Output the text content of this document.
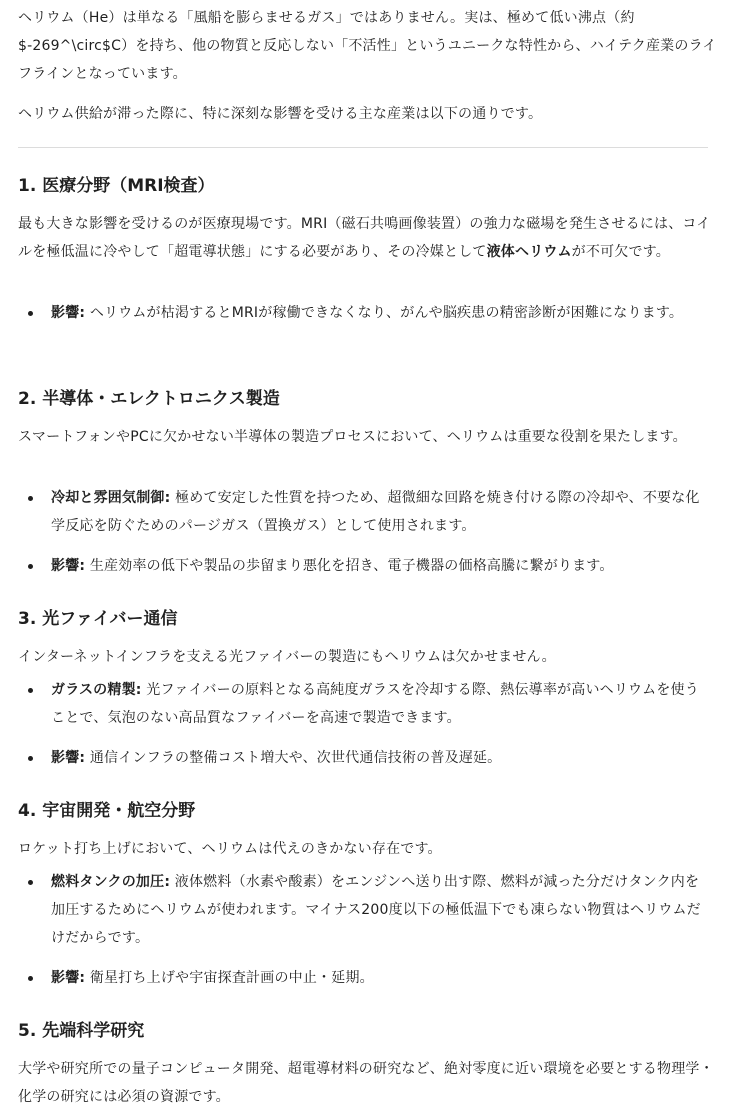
ヘリウム（He）は単なる「風船を膨らませるガス」ではありません。実は、極めて低い沸点（約 $-269^\circ$C）を持ち、他の物質と反応しない「不活性」というユニークな特性から、ハイテク産業のライフラインとなっています。

ヘリウム供給が滞った際に、特に深刻な影響を受ける主な産業は以下の通りです。

1. 医療分野（MRI検査）

最も大きな影響を受けるのが医療現場です。MRI（磁石共鳴画像装置）の強力な磁場を発生させるには、コイルを極低温に冷やして「超電導状態」にする必要があり、その冷媒として液体ヘリウムが不可欠です。

影響: ヘリウムが枯渇するとMRIが稼働できなくなり、がんや脳疾患の精密診断が困難になります。
2. 半導体・エレクトロニクス製造

スマートフォンやPCに欠かせない半導体の製造プロセスにおいて、ヘリウムは重要な役割を果たします。

冷却と雰囲気制御: 極めて安定した性質を持つため、超微細な回路を焼き付ける際の冷却や、不要な化学反応を防ぐためのパージガス（置換ガス）として使用されます。
影響: 生産効率の低下や製品の歩留まり悪化を招き、電子機器の価格高騰に繋がります。
3. 光ファイバー通信

インターネットインフラを支える光ファイバーの製造にもヘリウムは欠かせません。

ガラスの精製: 光ファイバーの原料となる高純度ガラスを冷却する際、熱伝導率が高いヘリウムを使うことで、気泡のない高品質なファイバーを高速で製造できます。
影響: 通信インフラの整備コスト増大や、次世代通信技術の普及遅延。
4. 宇宙開発・航空分野

ロケット打ち上げにおいて、ヘリウムは代えのきかない存在です。

燃料タンクの加圧: 液体燃料（水素や酸素）をエンジンへ送り出す際、燃料が減った分だけタンク内を加圧するためにヘリウムが使われます。マイナス200度以下の極低温下でも凍らない物質はヘリウムだけだからです。
影響: 衛星打ち上げや宇宙探査計画の中止・延期。
5. 先端科学研究

大学や研究所での量子コンピュータ開発、超電導材料の研究など、絶対零度に近い環境を必要とする物理学・化学の研究には必須の資源です。
